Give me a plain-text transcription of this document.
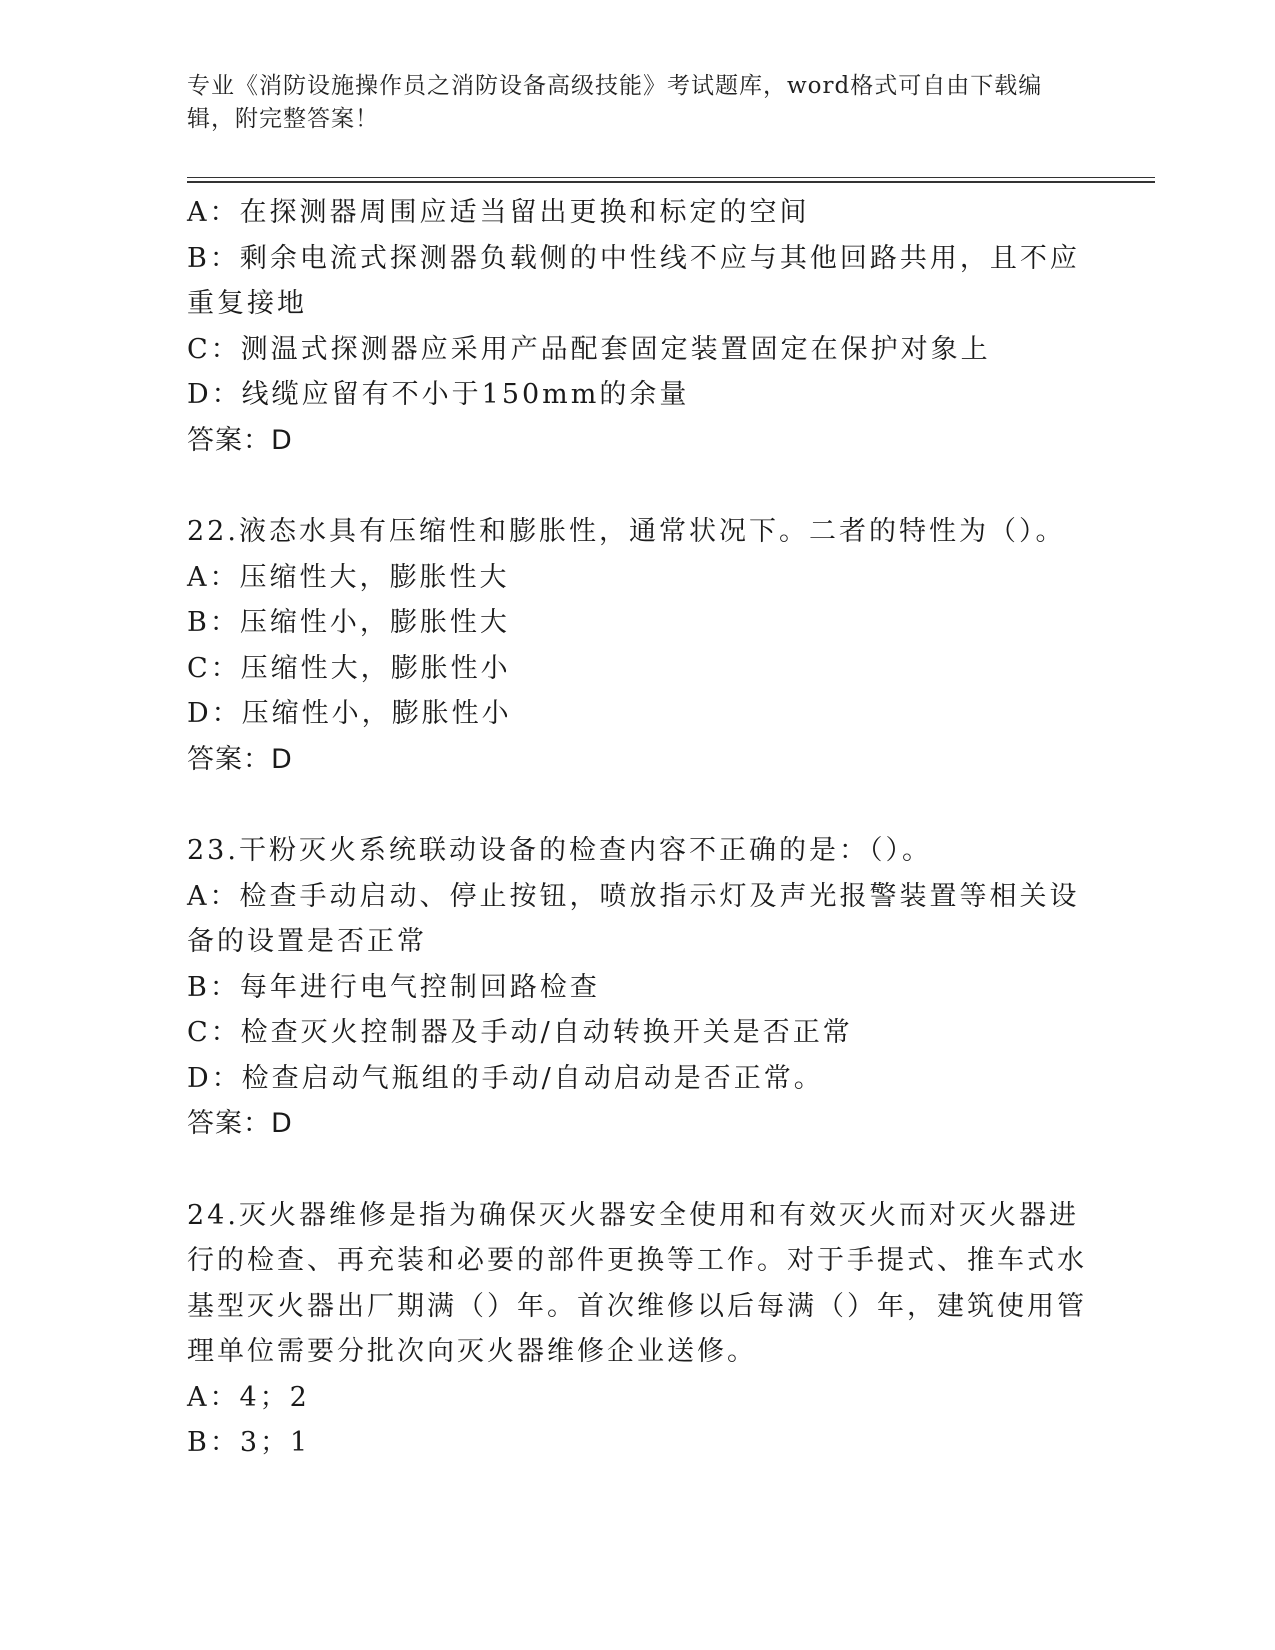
专业《消防设施操作员之消防设备高级技能》考试题库，word格式可自由下载编辑，附完整答案！
A：在探测器周围应适当留出更换和标定的空间
B：剩余电流式探测器负载侧的中性线不应与其他回路共用，且不应重复接地
C：测温式探测器应采用产品配套固定装置固定在保护对象上
D：线缆应留有不小于150mm的余量
答案：D
22.液态水具有压缩性和膨胀性，通常状况下。二者的特性为（）。
A：压缩性大，膨胀性大
B：压缩性小，膨胀性大
C：压缩性大，膨胀性小
D：压缩性小，膨胀性小
答案：D
23.干粉灭火系统联动设备的检查内容不正确的是：（）。
A：检查手动启动、停止按钮，喷放指示灯及声光报警装置等相关设备的设置是否正常
B：每年进行电气控制回路检查
C：检查灭火控制器及手动/自动转换开关是否正常
D：检查启动气瓶组的手动/自动启动是否正常。
答案：D
24.灭火器维修是指为确保灭火器安全使用和有效灭火而对灭火器进行的检查、再充装和必要的部件更换等工作。对于手提式、推车式水基型灭火器出厂期满（）年。首次维修以后每满（）年，建筑使用管理单位需要分批次向灭火器维修企业送修。
A：4；2
B：3；1
